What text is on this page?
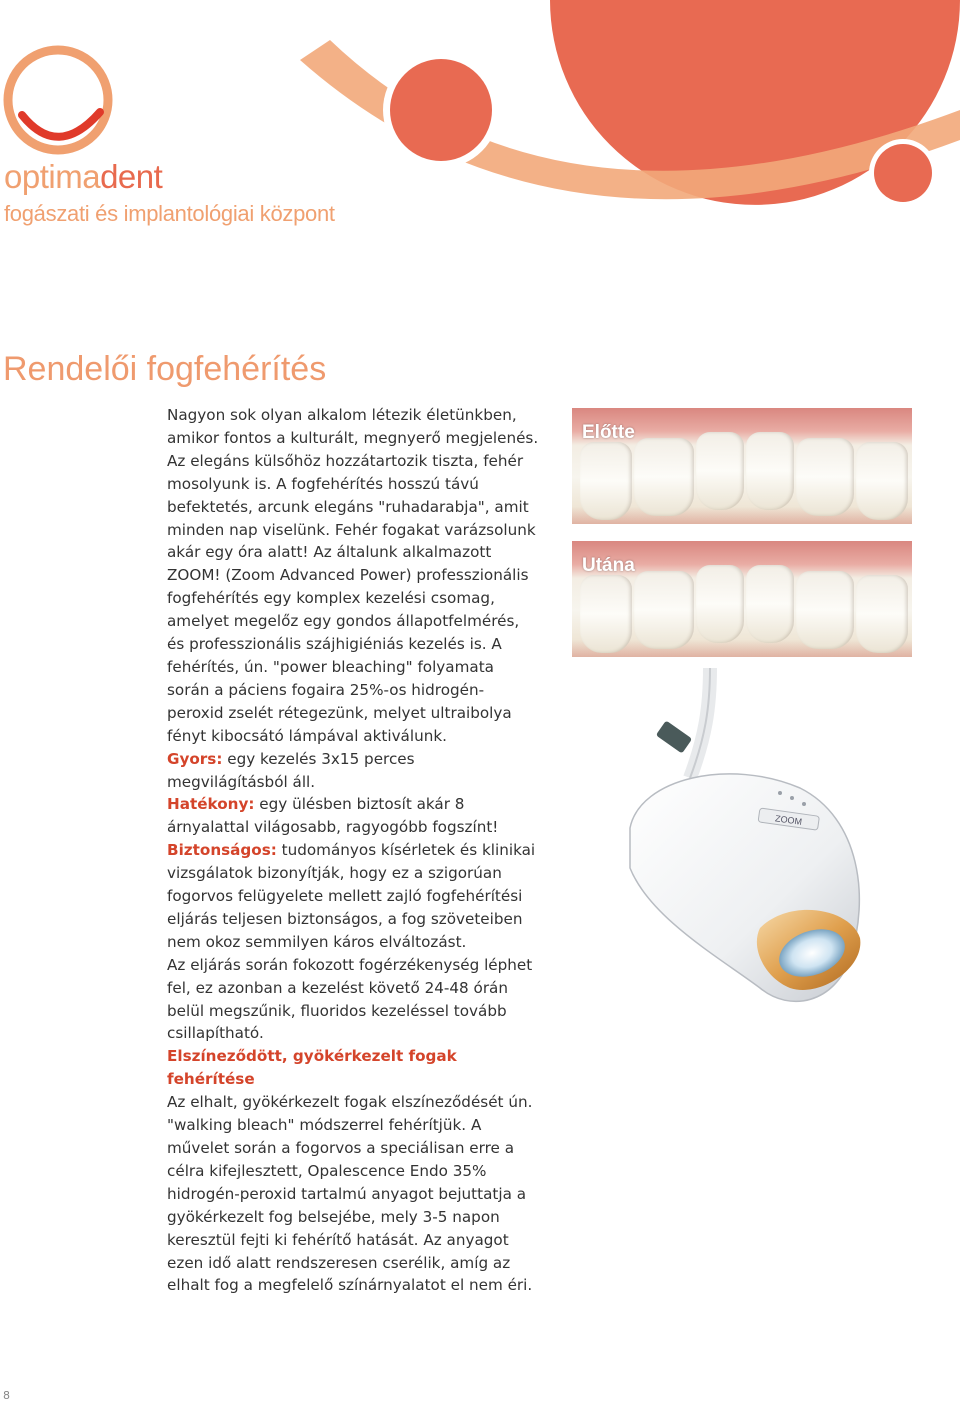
optimadent
fogászati és implantológiai központ
Rendelői fogfehérítés

Nagyon sok olyan alkalom létezik életünkben, amikor fontos a kulturált, megnyerő megjelenés. Az elegáns külsőhöz hozzátartozik tiszta, fehér mosolyunk is. A fogfehérítés hosszú távú befektetés, arcunk elegáns "ruhadarabja", amit minden nap viselünk. Fehér fogakat varázsolunk akár egy óra alatt! Az általunk alkalmazott ZOOM! (Zoom Advanced Power) professzionális fogfehérítés egy komplex kezelési csomag, amelyet megelőz egy gondos állapotfelmérés, és professzionális szájhigiéniás kezelés is. A fehérítés, ún. "power bleaching" folyamata során a páciens fogaira 25%-os hidrogén-peroxid zselét rétegezünk, melyet ultraibolya fényt kibocsátó lámpával aktiválunk.

Gyors: egy kezelés 3x15 perces megvilágításból áll.

Hatékony: egy ülésben biztosít akár 8 árnyalattal világosabb, ragyogóbb fogszínt!

Biztonságos: tudományos kísérletek és klinikai vizsgálatok bizonyítják, hogy ez a szigorúan fogorvos felügyelete mellett zajló fogfehérítési eljárás teljesen biztonságos, a fog szöveteiben nem okoz semmilyen káros elváltozást.

Az eljárás során fokozott fogérzékenység léphet fel, ez azonban a kezelést követő 24-48 órán belül megszűnik, fluoridos kezeléssel tovább csillapítható.

Elszíneződött, gyökérkezelt fogak fehérítése

Az elhalt, gyökérkezelt fogak elszíneződését ún. "walking bleach" módszerrel fehérítjük. A művelet során a fogorvos a speciálisan erre a célra kifejlesztett, Opalescence Endo 35% hidrogén-peroxid tartalmú anyagot bejuttatja a gyökérkezelt fog belsejébe, mely 3-5 napon keresztül fejti ki fehérítő hatását. Az anyagot ezen idő alatt rendszeresen cserélik, amíg az elhalt fog a megfelelő színárnyalatot el nem éri.

Előtte
Utána
ZOOM
8
